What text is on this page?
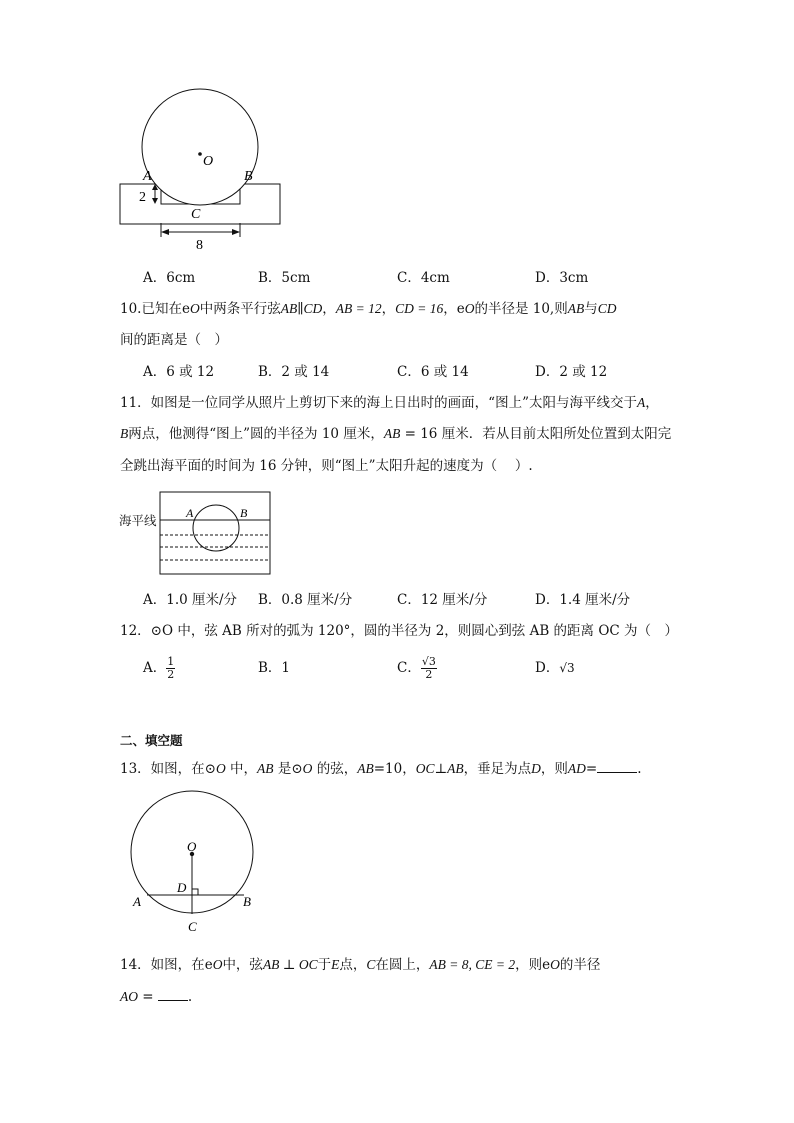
O
A	B
2
C
8
A．6cm	B．5cm	C．4cm	D．3cm
10.已知在eO中两条平行弦AB∥CD，AB = 12，CD = 16，eO的半径是 10,则AB与CD
间的距离是（　）
A．6 或 12	B．2 或 14	C．6 或 14	D．2 或 12
11．如图是一位同学从照片上剪切下来的海上日出时的画面，“图上”太阳与海平线交于A，
B两点，他测得“图上”圆的半径为 10 厘米，AB = 16 厘米．若从目前太阳所处位置到太阳完
全跳出海平面的时间为 16 分钟，则“图上”太阳升起的速度为（　 ）.
海平线 A	B
A．1.0 厘米/分 B．0.8 厘米/分	C．12 厘米/分	D．1.4 厘米/分
12．⊙O 中，弦 AB 所对的弧为 120°，圆的半径为 2，则圆心到弦 AB 的距离 OC 为（　）
A． $\frac{1}{2}$	B．1	C． $\frac{√3}{2}$	D．√3
二、填空题
13．如图，在⊙O 中，AB 是⊙O 的弦，AB=10，OC⊥AB，垂足为点D，则AD=	.
O
D
A	B
C
14．如图，在eO中，弦AB ⊥ OC于E点，C在圆上，AB = 8, CE = 2，则eO的半径
AO = .
